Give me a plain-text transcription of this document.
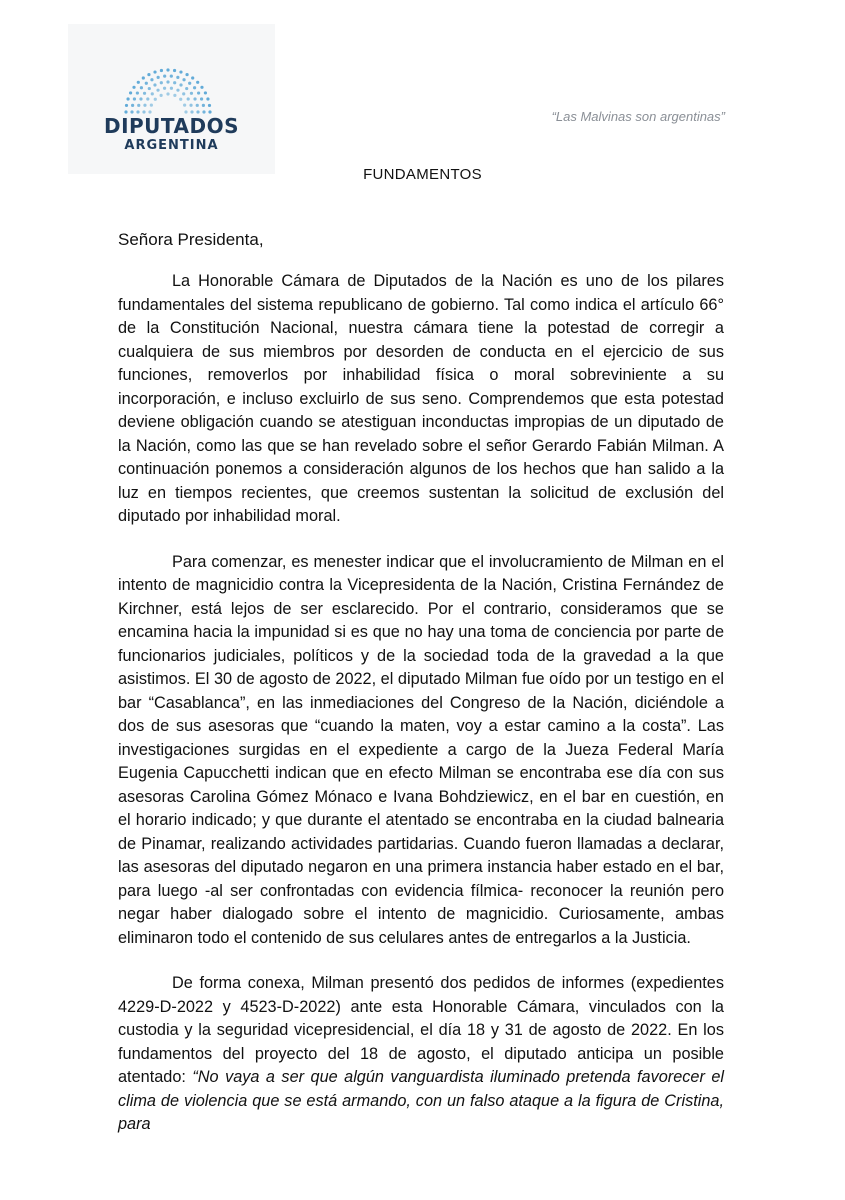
DIPUTADOS
ARGENTINA
“Las Malvinas son argentinas”
FUNDAMENTOS
Señora Presidenta,

La Honorable Cámara de Diputados de la Nación es uno de los pilares fundamentales del sistema republicano de gobierno. Tal como indica el artículo 66° de la Constitución Nacional, nuestra cámara tiene la potestad de corregir a cualquiera de sus miembros por desorden de conducta en el ejercicio de sus funciones, removerlos por inhabilidad física o moral sobreviniente a su incorporación, e incluso excluirlo de sus seno. Comprendemos que esta potestad deviene obligación cuando se atestiguan inconductas impropias de un diputado de la Nación, como las que se han revelado sobre el señor Gerardo Fabián Milman. A continuación ponemos a consideración algunos de los hechos que han salido a la luz en tiempos recientes, que creemos sustentan la solicitud de exclusión del diputado por inhabilidad moral.

Para comenzar, es menester indicar que el involucramiento de Milman en el intento de magnicidio contra la Vicepresidenta de la Nación, Cristina Fernández de Kirchner, está lejos de ser esclarecido. Por el contrario, consideramos que se encamina hacia la impunidad si es que no hay una toma de conciencia por parte de funcionarios judiciales, políticos y de la sociedad toda de la gravedad a la que asistimos. El 30 de agosto de 2022, el diputado Milman fue oído por un testigo en el bar “Casablanca”, en las inmediaciones del Congreso de la Nación, diciéndole a dos de sus asesoras que “cuando la maten, voy a estar camino a la costa”. Las investigaciones surgidas en el expediente a cargo de la Jueza Federal María Eugenia Capucchetti indican que en efecto Milman se encontraba ese día con sus asesoras Carolina Gómez Mónaco e Ivana Bohdziewicz, en el bar en cuestión, en el horario indicado; y que durante el atentado se encontraba en la ciudad balnearia de Pinamar, realizando actividades partidarias. Cuando fueron llamadas a declarar, las asesoras del diputado negaron en una primera instancia haber estado en el bar, para luego -al ser confrontadas con evidencia fílmica- reconocer la reunión pero negar haber dialogado sobre el intento de magnicidio. Curiosamente, ambas eliminaron todo el contenido de sus celulares antes de entregarlos a la Justicia.

De forma conexa, Milman presentó dos pedidos de informes (expedientes 4229-D-2022 y 4523-D-2022) ante esta Honorable Cámara, vinculados con la custodia y la seguridad vicepresidencial, el día 18 y 31 de agosto de 2022. En los fundamentos del proyecto del 18 de agosto, el diputado anticipa un posible atentado: “No vaya a ser que algún vanguardista iluminado pretenda favorecer el clima de violencia que se está armando, con un falso ataque a la figura de Cristina, para
